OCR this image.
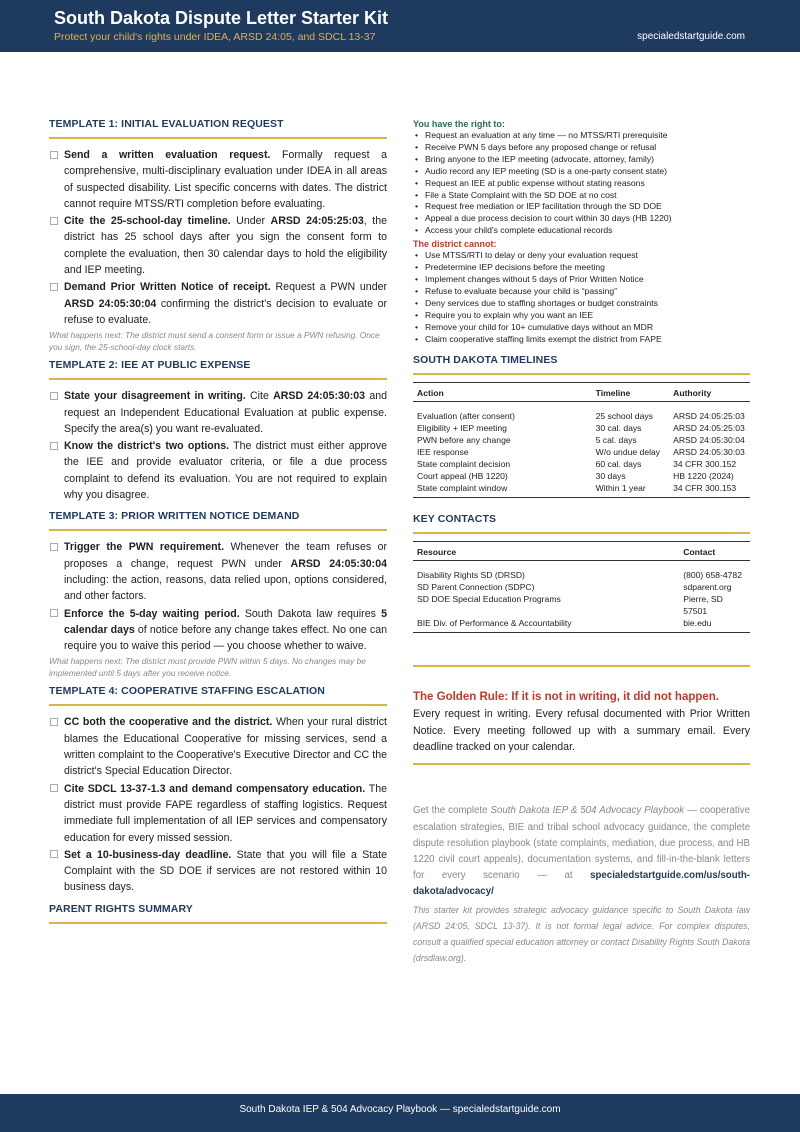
South Dakota Dispute Letter Starter Kit
Protect your child's rights under IDEA, ARSD 24:05, and SDCL 13-37	specialedstartguide.com
TEMPLATE 1: INITIAL EVALUATION REQUEST
Send a written evaluation request. Formally request a comprehensive, multi-disciplinary evaluation under IDEA in all areas of suspected disability. List specific concerns with dates. The district cannot require MTSS/RTI completion before evaluating.
Cite the 25-school-day timeline. Under ARSD 24:05:25:03, the district has 25 school days after you sign the consent form to complete the evaluation, then 30 calendar days to hold the eligibility and IEP meeting.
Demand Prior Written Notice of receipt. Request a PWN under ARSD 24:05:30:04 confirming the district's decision to evaluate or refuse to evaluate.
What happens next: The district must send a consent form or issue a PWN refusing. Once you sign, the 25-school-day clock starts.
TEMPLATE 2: IEE AT PUBLIC EXPENSE
State your disagreement in writing. Cite ARSD 24:05:30:03 and request an Independent Educational Evaluation at public expense. Specify the area(s) you want re-evaluated.
Know the district's two options. The district must either approve the IEE and provide evaluator criteria, or file a due process complaint to defend its evaluation. You are not required to explain why you disagree.
TEMPLATE 3: PRIOR WRITTEN NOTICE DEMAND
Trigger the PWN requirement. Whenever the team refuses or proposes a change, request PWN under ARSD 24:05:30:04 including: the action, reasons, data relied upon, options considered, and other factors.
Enforce the 5-day waiting period. South Dakota law requires 5 calendar days of notice before any change takes effect. No one can require you to waive this period — you choose whether to waive.
What happens next: The district must provide PWN within 5 days. No changes may be implemented until 5 days after you receive notice.
TEMPLATE 4: COOPERATIVE STAFFING ESCALATION
CC both the cooperative and the district. When your rural district blames the Educational Cooperative for missing services, send a written complaint to the Cooperative's Executive Director and CC the district's Special Education Director.
Cite SDCL 13-37-1.3 and demand compensatory education. The district must provide FAPE regardless of staffing logistics. Request immediate full implementation of all IEP services and compensatory education for every missed session.
Set a 10-business-day deadline. State that you will file a State Complaint with the SD DOE if services are not restored within 10 business days.
PARENT RIGHTS SUMMARY
You have the right to:
• Request an evaluation at any time — no MTSS/RTI prerequisite
• Receive PWN 5 days before any proposed change or refusal
• Bring anyone to the IEP meeting (advocate, attorney, family)
• Audio record any IEP meeting (SD is a one-party consent state)
• Request an IEE at public expense without stating reasons
• File a State Complaint with the SD DOE at no cost
• Request free mediation or IEP facilitation through the SD DOE
• Appeal a due process decision to court within 30 days (HB 1220)
• Access your child's complete educational records
The district cannot:
• Use MTSS/RTI to delay or deny your evaluation request
• Predetermine IEP decisions before the meeting
• Implement changes without 5 days of Prior Written Notice
• Refuse to evaluate because your child is “passing”
• Deny services due to staffing shortages or budget constraints
• Require you to explain why you want an IEE
• Remove your child for 10+ cumulative days without an MDR
• Claim cooperative staffing limits exempt the district from FAPE
SOUTH DAKOTA TIMELINES
Action	Timeline	Authority
Evaluation (after consent)	25 school days	ARSD 24:05:25:03
Eligibility + IEP meeting	30 cal. days	ARSD 24:05:25:03
PWN before any change	5 cal. days	ARSD 24:05:30:04
IEE response	W/o undue delay	ARSD 24:05:30:03
State complaint decision	60 cal. days	34 CFR 300.152
Court appeal (HB 1220)	30 days	HB 1220 (2024)
State complaint window	Within 1 year	34 CFR 300.153
KEY CONTACTS
Resource	Contact
Disability Rights SD (DRSD)	(800) 658-4782
SD Parent Connection (SDPC)	sdparent.org
SD DOE Special Education Programs	Pierre, SD 57501
BIE Div. of Performance & Accountability	bie.edu
The Golden Rule: If it is not in writing, it did not happen.
Every request in writing. Every refusal documented with Prior Written Notice. Every meeting followed up with a summary email. Every deadline tracked on your calendar.
Get the complete South Dakota IEP & 504 Advocacy Playbook — cooperative escalation strategies, BIE and tribal school advocacy guidance, the complete dispute resolution playbook (state complaints, mediation, due process, and HB 1220 civil court appeals), documentation systems, and fill-in-the-blank letters for every scenario — at specialedstartguide.com/us/south-dakota/advocacy/
This starter kit provides strategic advocacy guidance specific to South Dakota law (ARSD 24:05, SDCL 13-37). It is not formal legal advice. For complex disputes, consult a qualified special education attorney or contact Disability Rights South Dakota (drsdlaw.org).
South Dakota IEP & 504 Advocacy Playbook — specialedstartguide.com
